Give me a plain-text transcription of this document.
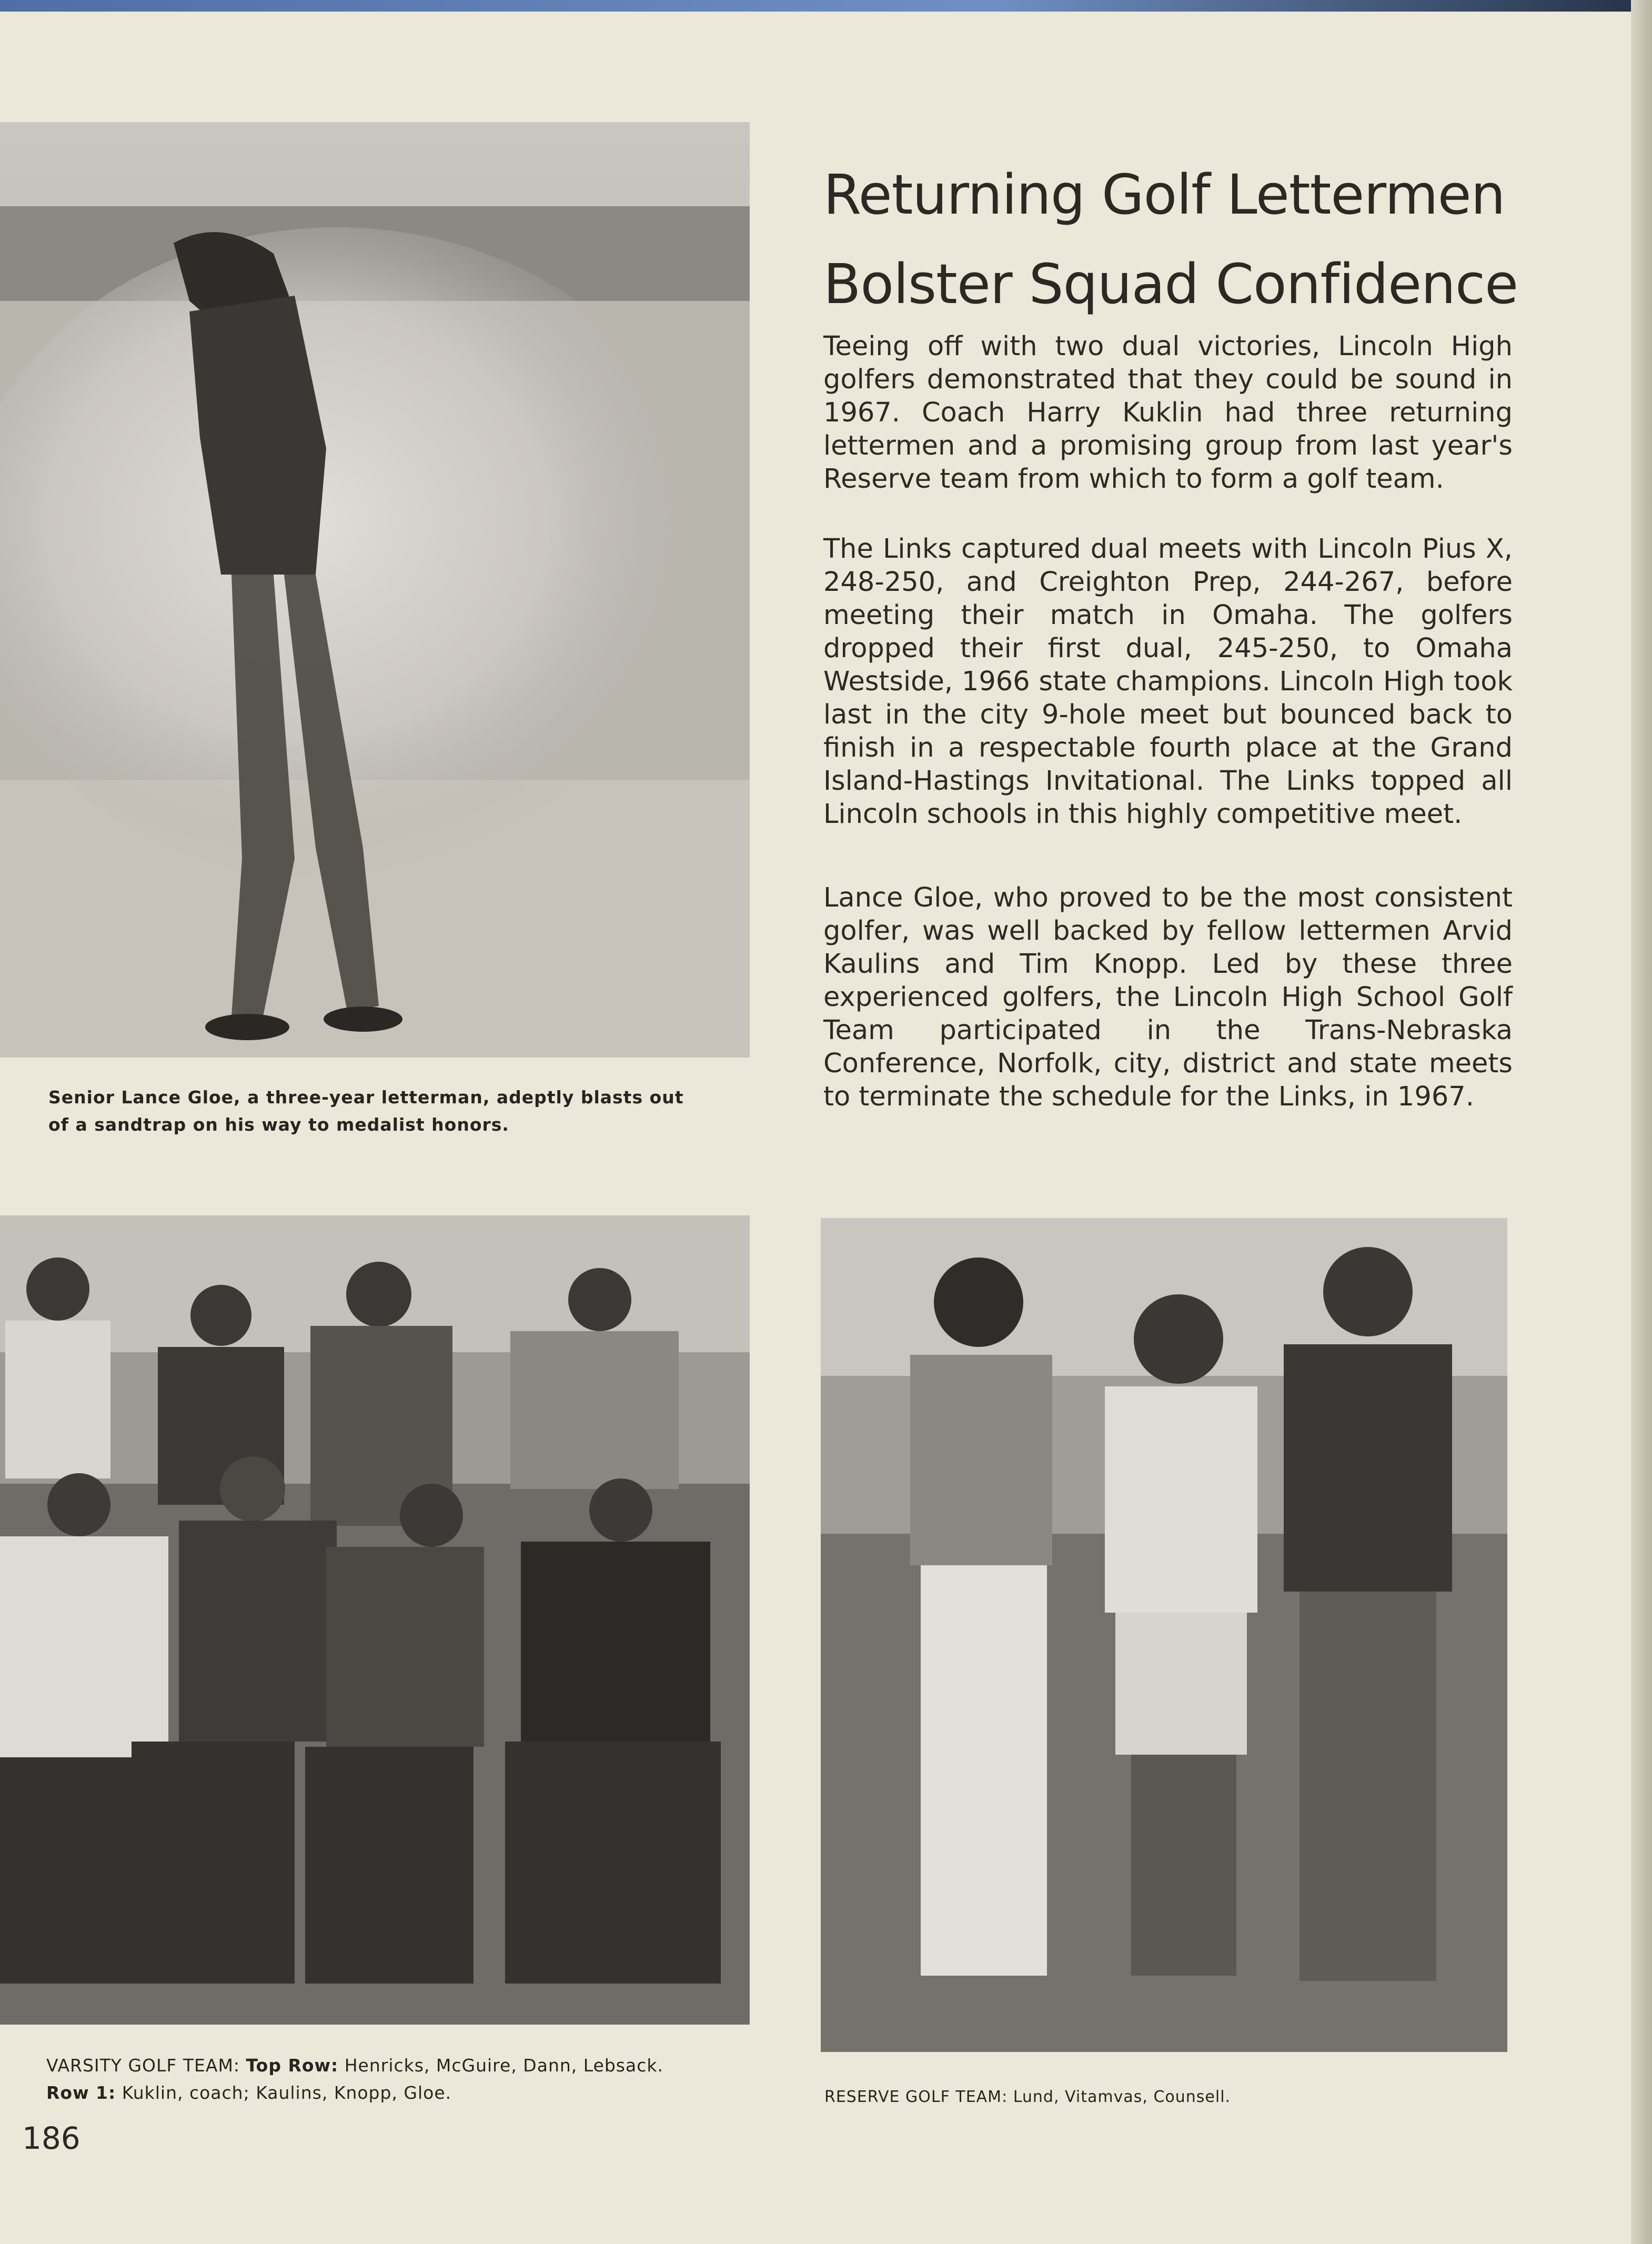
Returning Golf Lettermen
Bolster Squad Confidence

Teeing off with two dual victories, Lincoln High golfers demonstrated that they could be sound in 1967. Coach Harry Kuklin had three returning lettermen and a promising group from last year's Reserve team from which to form a golf team.

The Links captured dual meets with Lincoln Pius X, 248-250, and Creighton Prep, 244-267, before meeting their match in Omaha. The golfers dropped their first dual, 245-250, to Omaha Westside, 1966 state champions. Lincoln High took last in the city 9-hole meet but bounced back to finish in a respectable fourth place at the Grand Island-Hastings Invitational. The Links topped all Lincoln schools in this highly competitive meet.

Lance Gloe, who proved to be the most consistent golfer, was well backed by fellow lettermen Arvid Kaulins and Tim Knopp. Led by these three experienced golfers, the Lincoln High School Golf Team participated in the Trans-Nebraska Conference, Norfolk, city, district and state meets to terminate the schedule for the Links, in 1967.

Senior Lance Gloe, a three-year letterman, adeptly blasts out
of a sandtrap on his way to medalist honors.

VARSITY GOLF TEAM: Top Row: Henricks, McGuire, Dann, Lebsack.
Row 1: Kuklin, coach; Kaulins, Knopp, Gloe.	RESERVE GOLF TEAM: Lund, Vitamvas, Counsell.

186
